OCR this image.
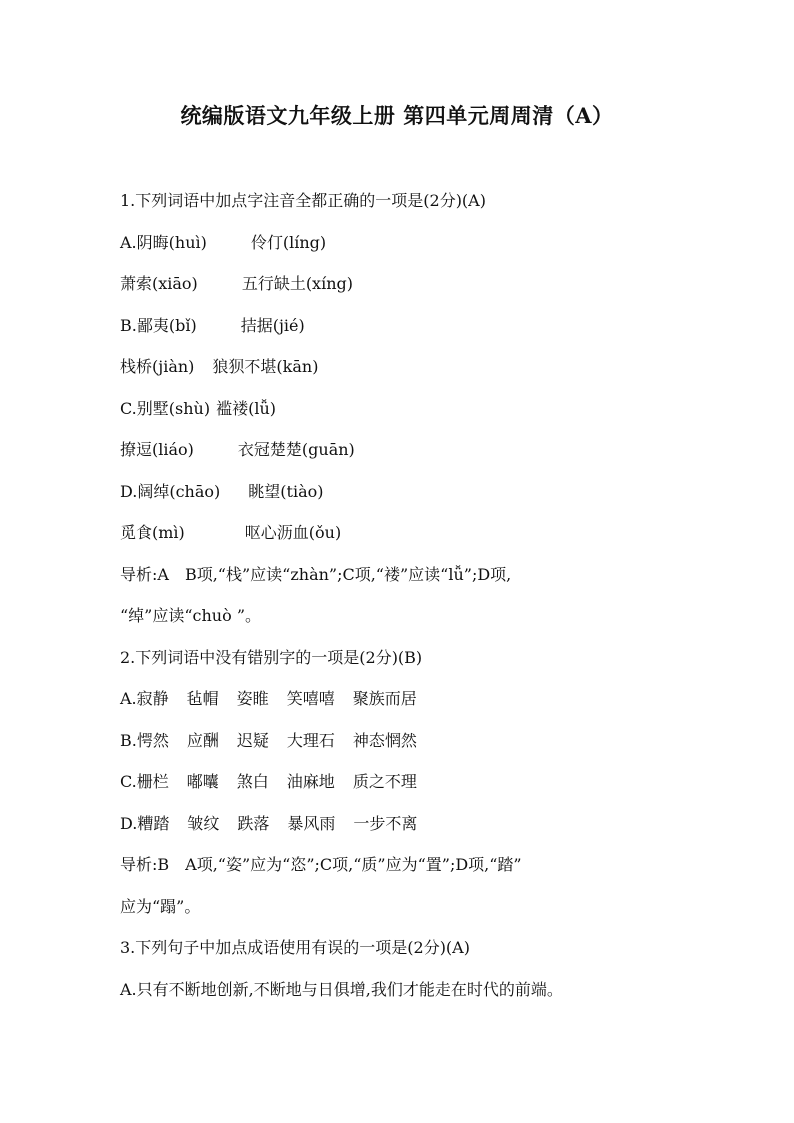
统编版语文九年级上册 第四单元周周清（A）
1.下列词语中加点字注音全都正确的一项是(2分)(A)
A.阴晦(huì)	伶仃(líng)
萧索(xiāo)	五行缺土(xíng)
B.鄙夷(bǐ)	拮据(jié)
栈桥(jiàn) 狼狈不堪(kān)
C.别墅(shù) 褴褛(lǚ)
撩逗(liáo)	衣冠楚楚(guān)
D.阔绰(chāo) 眺望(tiào)
觅食(mì)	呕心沥血(ǒu)
导析:A　B项,“栈”应读“zhàn”;C项,“褛”应读“lǚ”;D项,
“绰”应读“chuò ”。
2.下列词语中没有错别字的一项是(2分)(B)
A.寂静 毡帽 姿睢 笑嘻嘻 聚族而居
B.愕然 应酬 迟疑 大理石 神态惘然
C.栅栏 嘟囔 煞白 油麻地 质之不理
D.糟踏 皱纹 跌落 暴风雨 一步不离
导析:B　A项,“姿”应为“恣”;C项,“质”应为“置”;D项,“踏”
应为“蹋”。
3.下列句子中加点成语使用有误的一项是(2分)(A)
A.只有不断地创新,不断地与日俱增,我们才能走在时代的前端。
